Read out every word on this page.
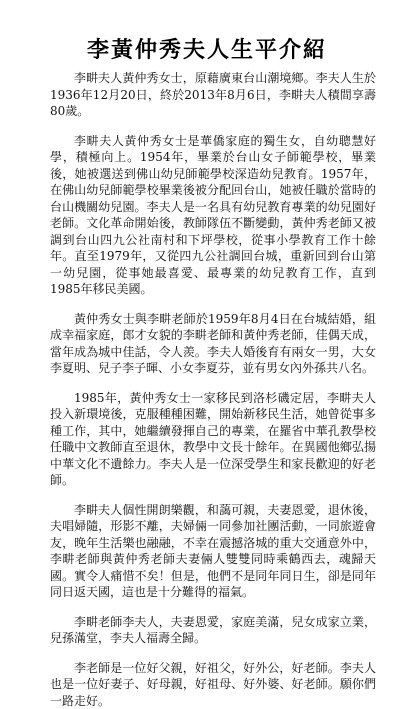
李黃仲秀夫人生平介紹

李畊夫人黃仲秀女士，原藉廣東台山潮境鄉。李夫人生於1936年12月20日，終於2013年8月6日，李畊夫人積間享壽80歲。

李畊夫人黃仲秀女士是華僑家庭的獨生女，自幼聰慧好學，積極向上。1954年，畢業於台山女子師範學校，畢業後，她被選送到佛山幼兒師範學校深造幼兒教育。1957年，在佛山幼兒師範學校畢業後被分配回台山，她被任職於當時的台山機關幼兒園。李夫人是一名具有幼兒教育專業的幼兒園好老師。文化革命開始後，教師隊伍不斷變動，黃仲秀老師又被調到台山四九公社南村和下坪學校，從事小學教育工作十餘年。直至1979年，又從四九公社調回台城，重新回到台山第一幼兒園，從事她最喜愛、最專業的幼兒教育工作，直到1985年移民美國。

黃仲秀女士與李畊老師於1959年8月4日在台城結婚，組成幸福家庭，郎才女貌的李畊老師和黃仲秀老師，佳偶天成，當年成為城中佳話，令人羨。李夫人婚後育有兩女一男，大女李夏明、兒子李子暉、小女李夏芬，並有男女內外孫共八名。

1985年，黃仲秀女士一家移民到洛杉磯定居，李畊夫人投入新環境後，克服種種困難，開始新移民生活，她曾從事多種工作，其中，她繼續發揮自己的專業，在羅省中華孔教學校任職中文教師直至退休，教學中文長十餘年。在異國他鄉弘揚中華文化不遺餘力。李夫人是一位深受學生和家長歡迎的好老師。

李畊夫人個性開朗樂觀，和藹可親，夫妻恩愛，退休後，夫唱婦隨，形影不離，夫婦倆一同參加社團活動，一同旅遊會友，晚年生活樂也融融，不幸在震撼洛城的重大交通意外中，李畊老師與黃仲秀老師夫妻倆人雙雙同時乘鶴西去，魂歸天國。實令人痛惜不矣！但是，他們不是同年同日生，卻是同年同日返天國，這也是十分難得的福氣。

李畊老師李夫人，夫妻恩愛，家庭美滿，兒女成家立業，兒孫滿堂，李夫人福壽全歸。

李老師是一位好父親，好祖父，好外公，好老師。李夫人也是一位好妻子、好母親，好祖母、好外婆、好老師。願你們一路走好。
